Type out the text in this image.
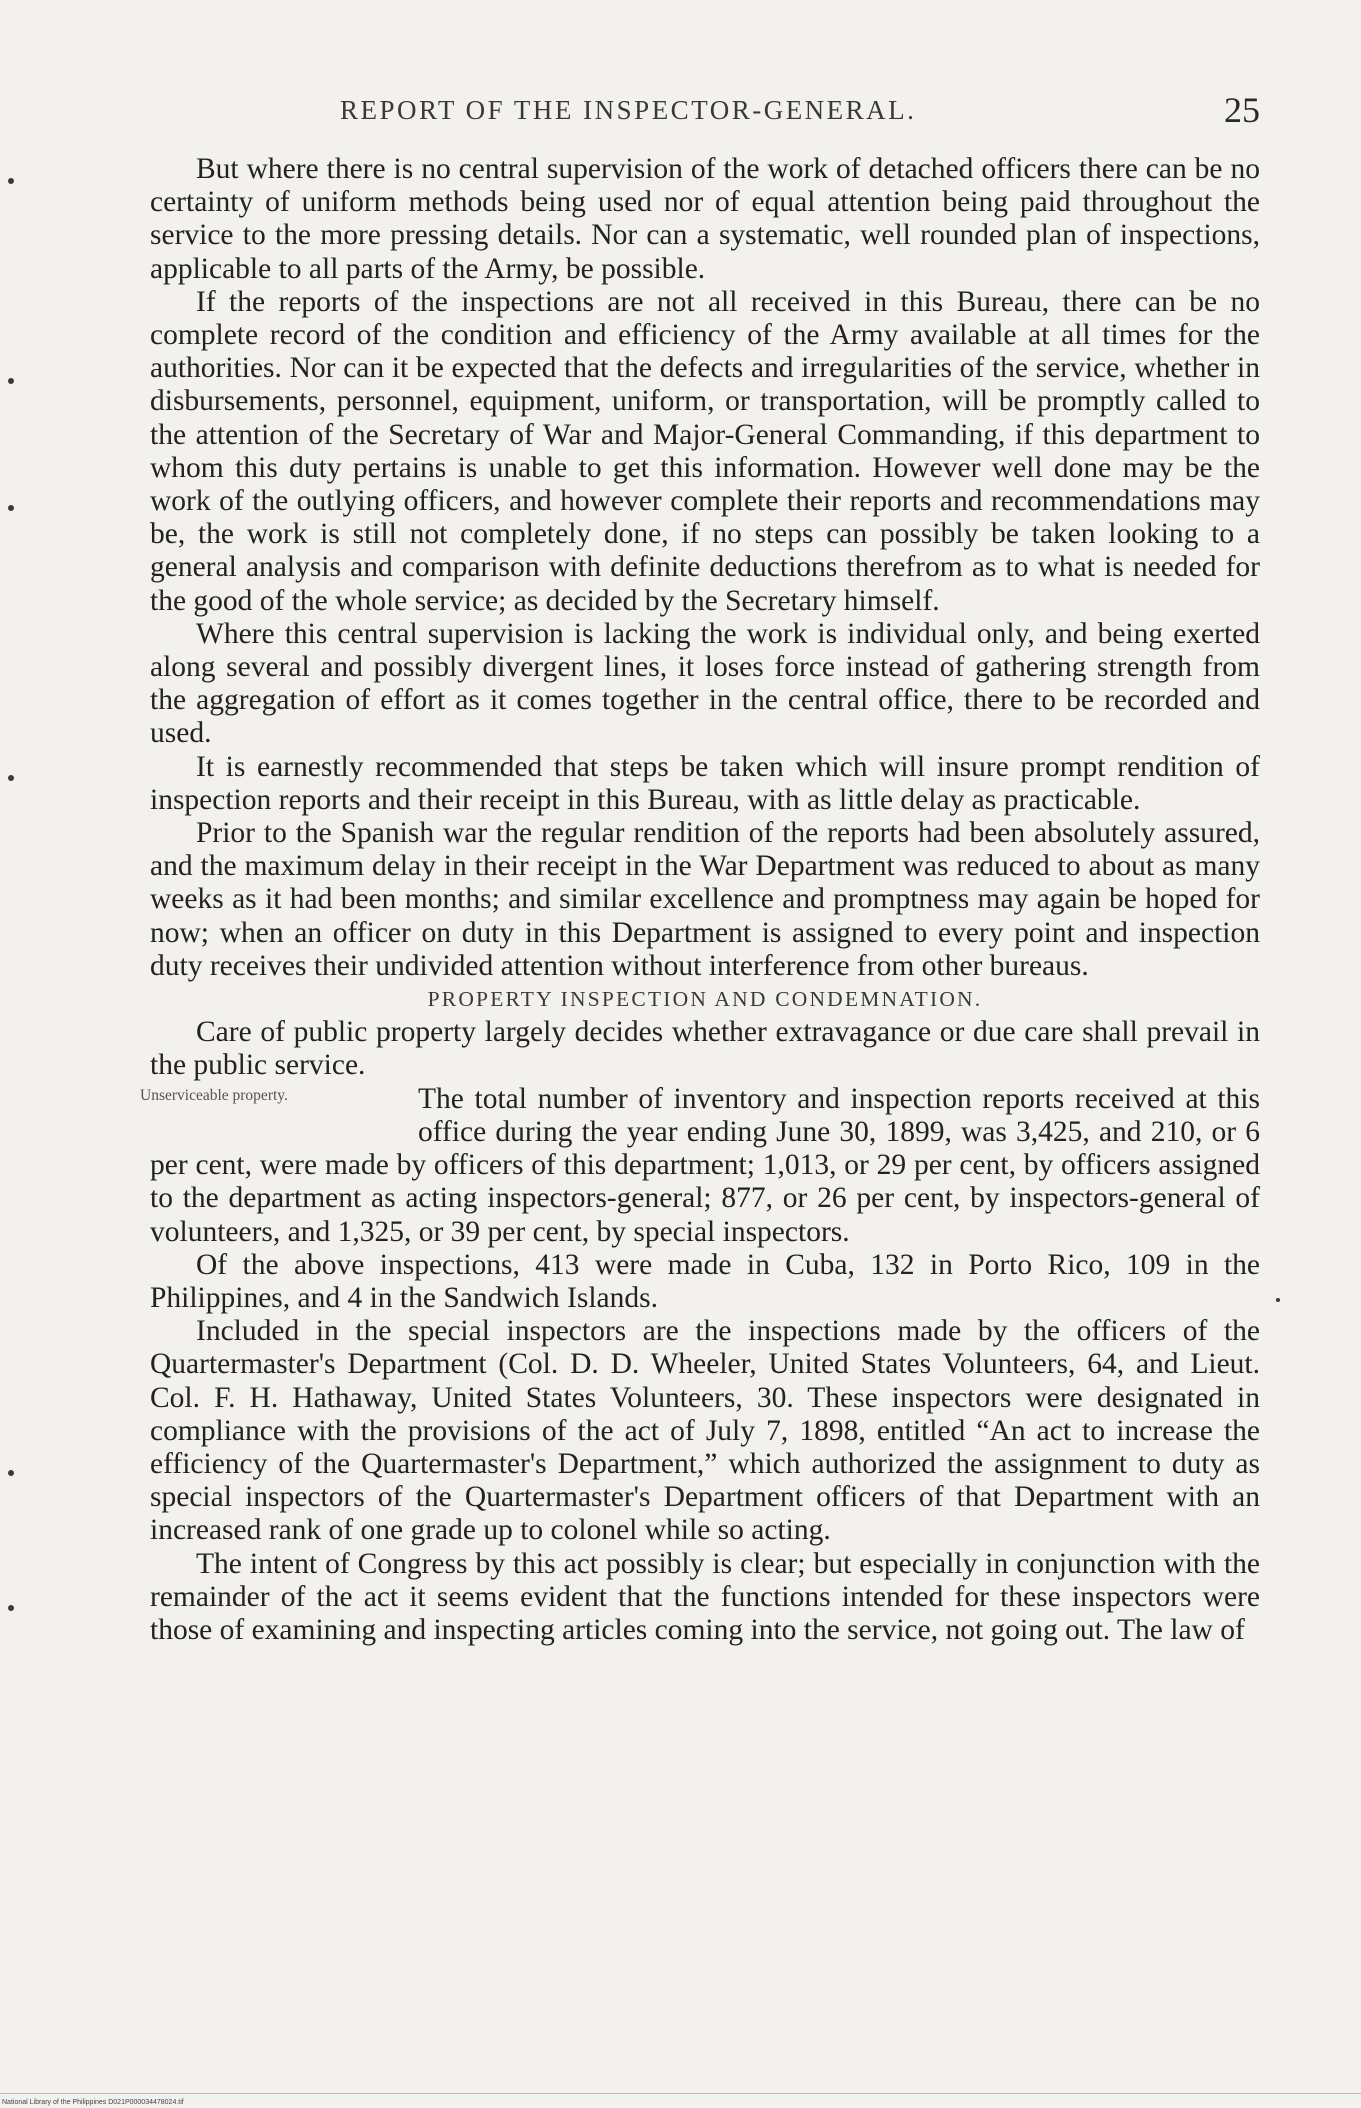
REPORT OF THE INSPECTOR-GENERAL.	25

But where there is no central supervision of the work of detached officers there can be no certainty of uniform methods being used nor of equal attention being paid throughout the service to the more pressing details. Nor can a systematic, well rounded plan of inspections, applicable to all parts of the Army, be possible.

If the reports of the inspections are not all received in this Bureau, there can be no complete record of the condition and efficiency of the Army available at all times for the authorities. Nor can it be expected that the defects and irregularities of the service, whether in disbursements, personnel, equipment, uniform, or transportation, will be promptly called to the attention of the Secretary of War and Major-General Commanding, if this department to whom this duty pertains is unable to get this information. However well done may be the work of the outlying officers, and however complete their reports and recommendations may be, the work is still not completely done, if no steps can possibly be taken looking to a general analysis and comparison with definite deductions therefrom as to what is needed for the good of the whole service; as decided by the Secretary himself.

Where this central supervision is lacking the work is individual only, and being exerted along several and possibly divergent lines, it loses force instead of gathering strength from the aggregation of effort as it comes together in the central office, there to be recorded and used.

It is earnestly recommended that steps be taken which will insure prompt rendition of inspection reports and their receipt in this Bureau, with as little delay as practicable.

Prior to the Spanish war the regular rendition of the reports had been absolutely assured, and the maximum delay in their receipt in the War Department was reduced to about as many weeks as it had been months; and similar excellence and promptness may again be hoped for now; when an officer on duty in this Department is assigned to every point and inspection duty receives their undivided attention without interference from other bureaus.

PROPERTY INSPECTION AND CONDEMNATION.

Care of public property largely decides whether extravagance or due care shall prevail in the public service.

Unserviceable property.	The total number of inventory and inspection reports received at this office during the year ending June 30, 1899, was 3,425, and 210, or 6 per cent, were made by officers of this department; 1,013, or 29 per cent, by officers assigned to the department as acting inspectors-general; 877, or 26 per cent, by inspectors-general of volunteers, and 1,325, or 39 per cent, by special inspectors.

Of the above inspections, 413 were made in Cuba, 132 in Porto Rico, 109 in the Philippines, and 4 in the Sandwich Islands.

Included in the special inspectors are the inspections made by the officers of the Quartermaster's Department (Col. D. D. Wheeler, United States Volunteers, 64, and Lieut. Col. F. H. Hathaway, United States Volunteers, 30. These inspectors were designated in compliance with the provisions of the act of July 7, 1898, entitled “An act to increase the efficiency of the Quartermaster's Department,” which authorized the assignment to duty as special inspectors of the Quartermaster's Department officers of that Department with an increased rank of one grade up to colonel while so acting.

The intent of Congress by this act possibly is clear; but especially in conjunction with the remainder of the act it seems evident that the functions intended for these inspectors were those of examining and inspecting articles coming into the service, not going out. The law of

National Library of the Philippines D021P000034478024.tif
